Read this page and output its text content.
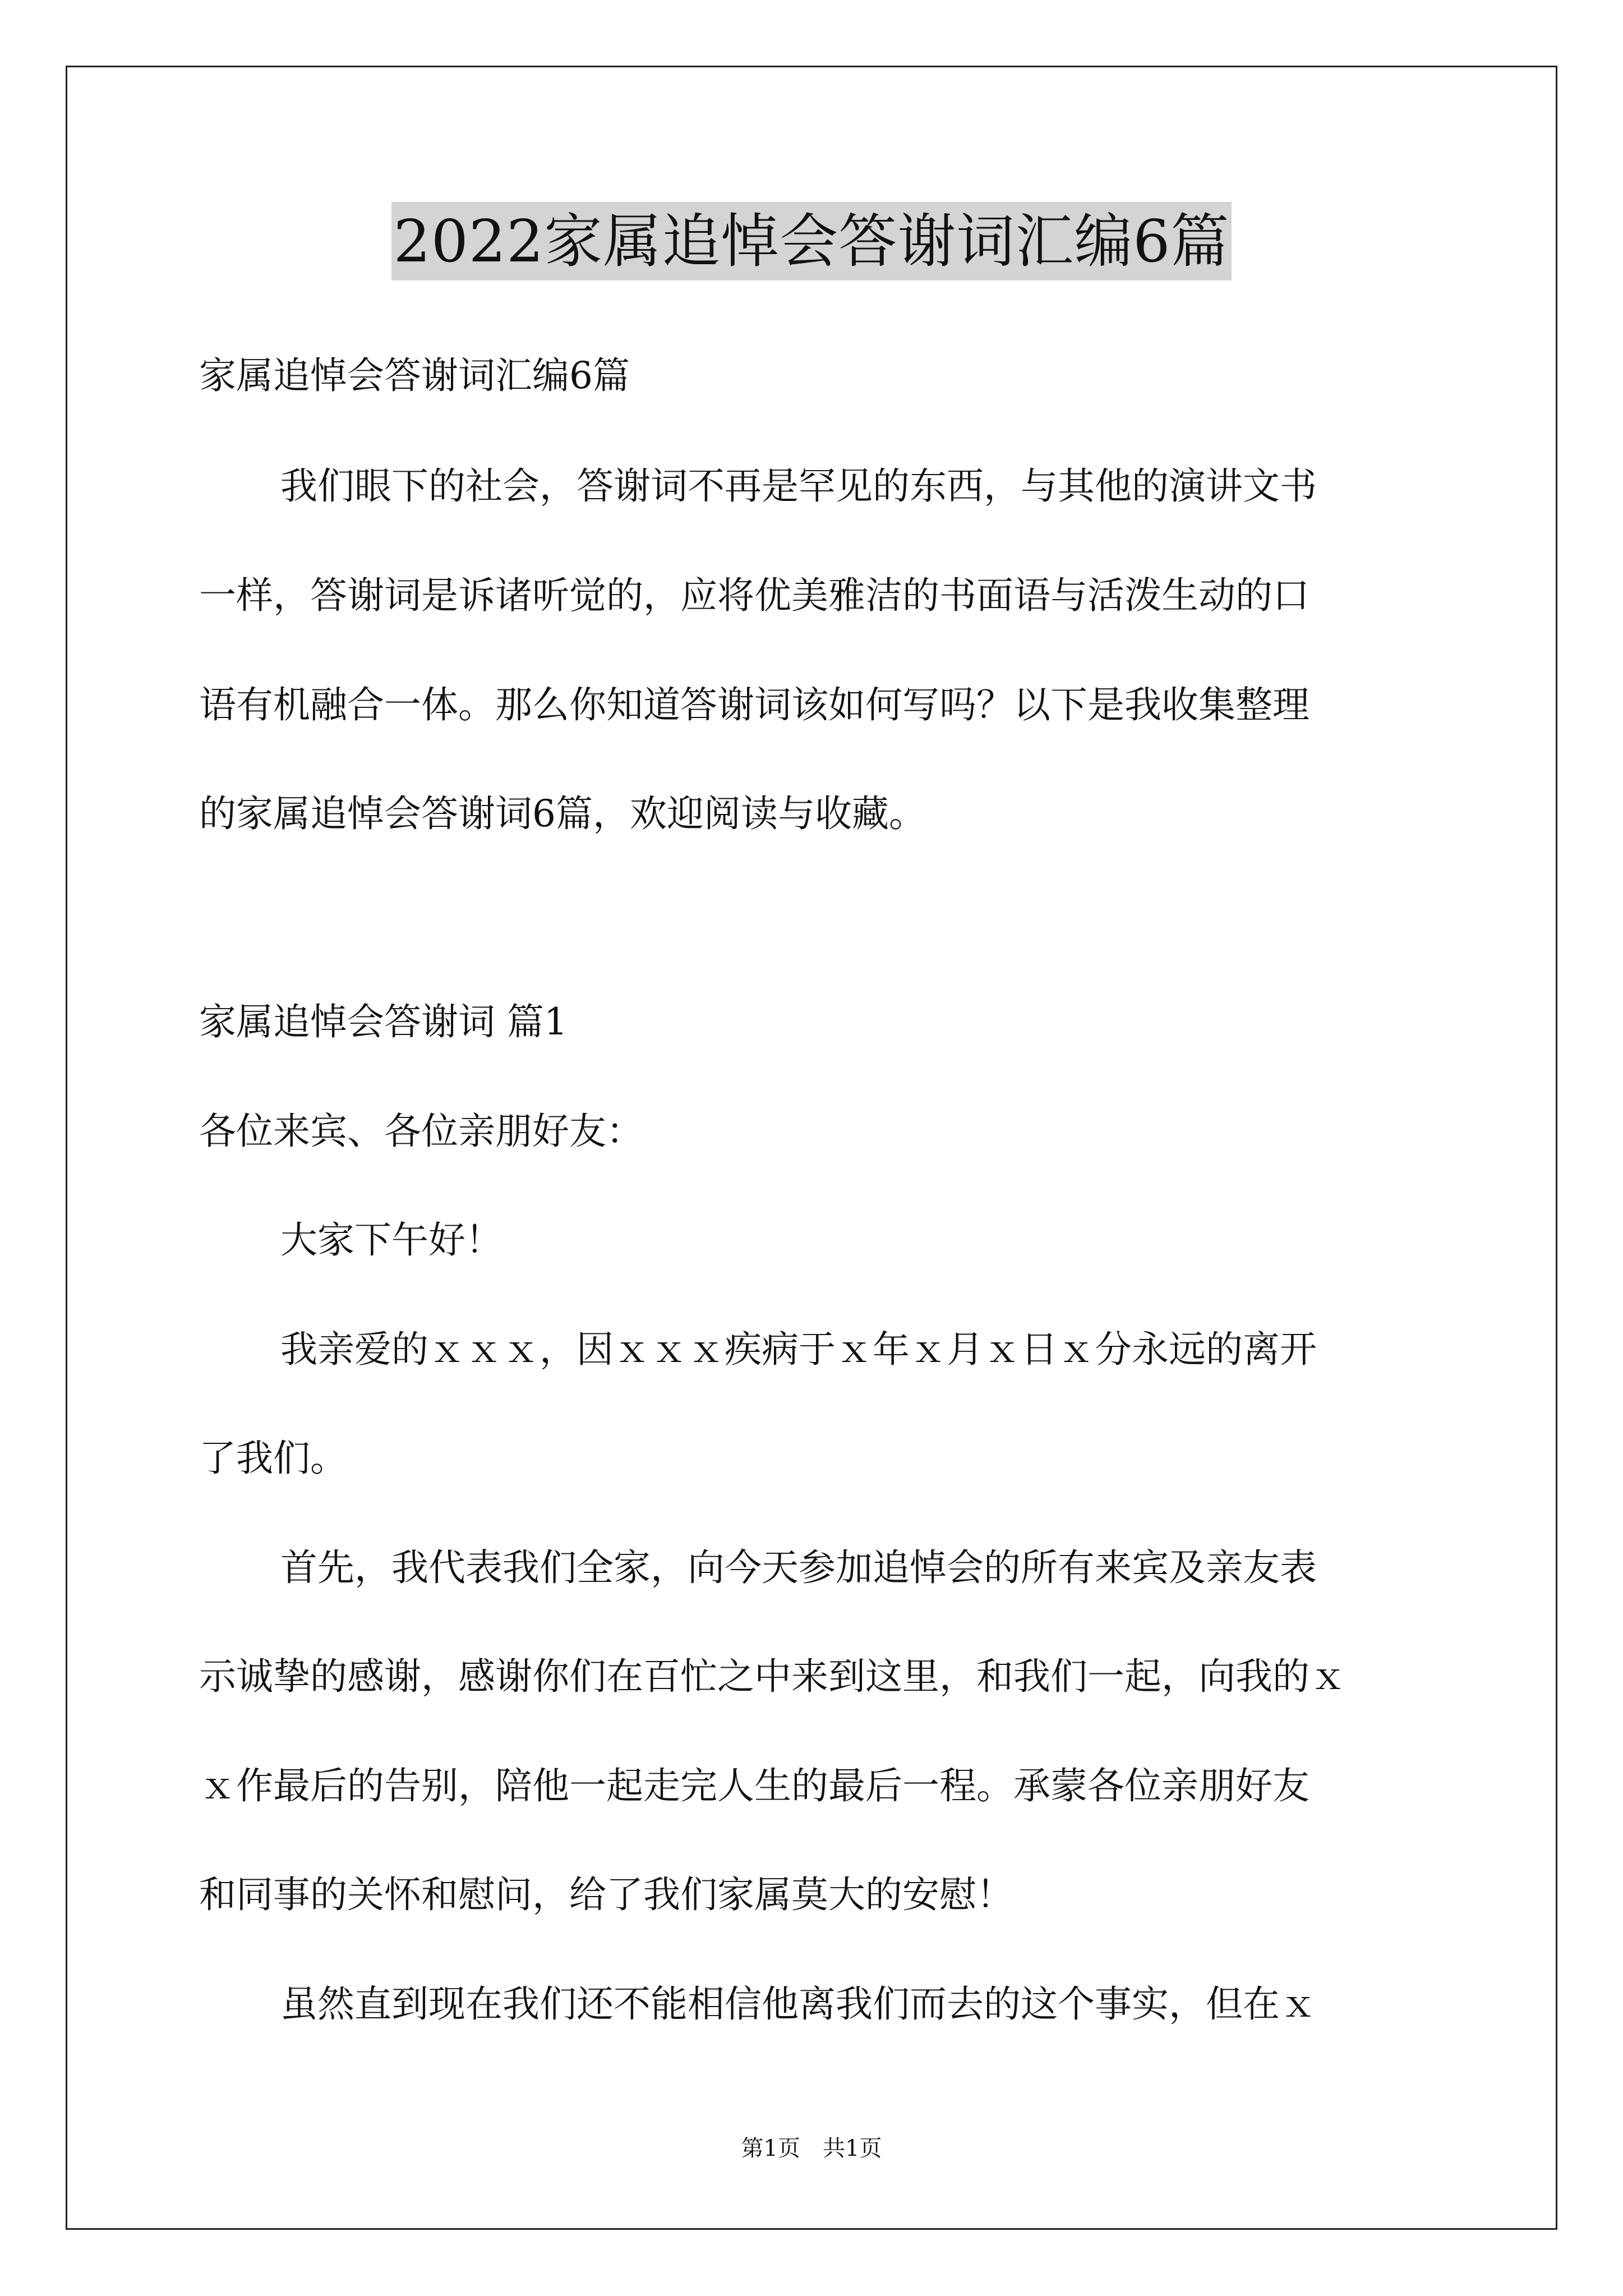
2022家属追悼会答谢词汇编6篇
家属追悼会答谢词汇编6篇
我们眼下的社会，答谢词不再是罕见的东西，与其他的演讲文书
一样，答谢词是诉诸听觉的，应将优美雅洁的书面语与活泼生动的口
语有机融合一体。那么你知道答谢词该如何写吗？以下是我收集整理
的家属追悼会答谢词6篇，欢迎阅读与收藏。
家属追悼会答谢词 篇1
各位来宾、各位亲朋好友：
大家下午好！
我亲爱的ｘｘｘ，因ｘｘｘ疾病于ｘ年ｘ月ｘ日ｘ分永远的离开
了我们。
首先，我代表我们全家，向今天参加追悼会的所有来宾及亲友表
示诚挚的感谢，感谢你们在百忙之中来到这里，和我们一起，向我的ｘ
ｘ作最后的告别，陪他一起走完人生的最后一程。承蒙各位亲朋好友
和同事的关怀和慰问，给了我们家属莫大的安慰！
虽然直到现在我们还不能相信他离我们而去的这个事实，但在ｘ
第1页　共1页
